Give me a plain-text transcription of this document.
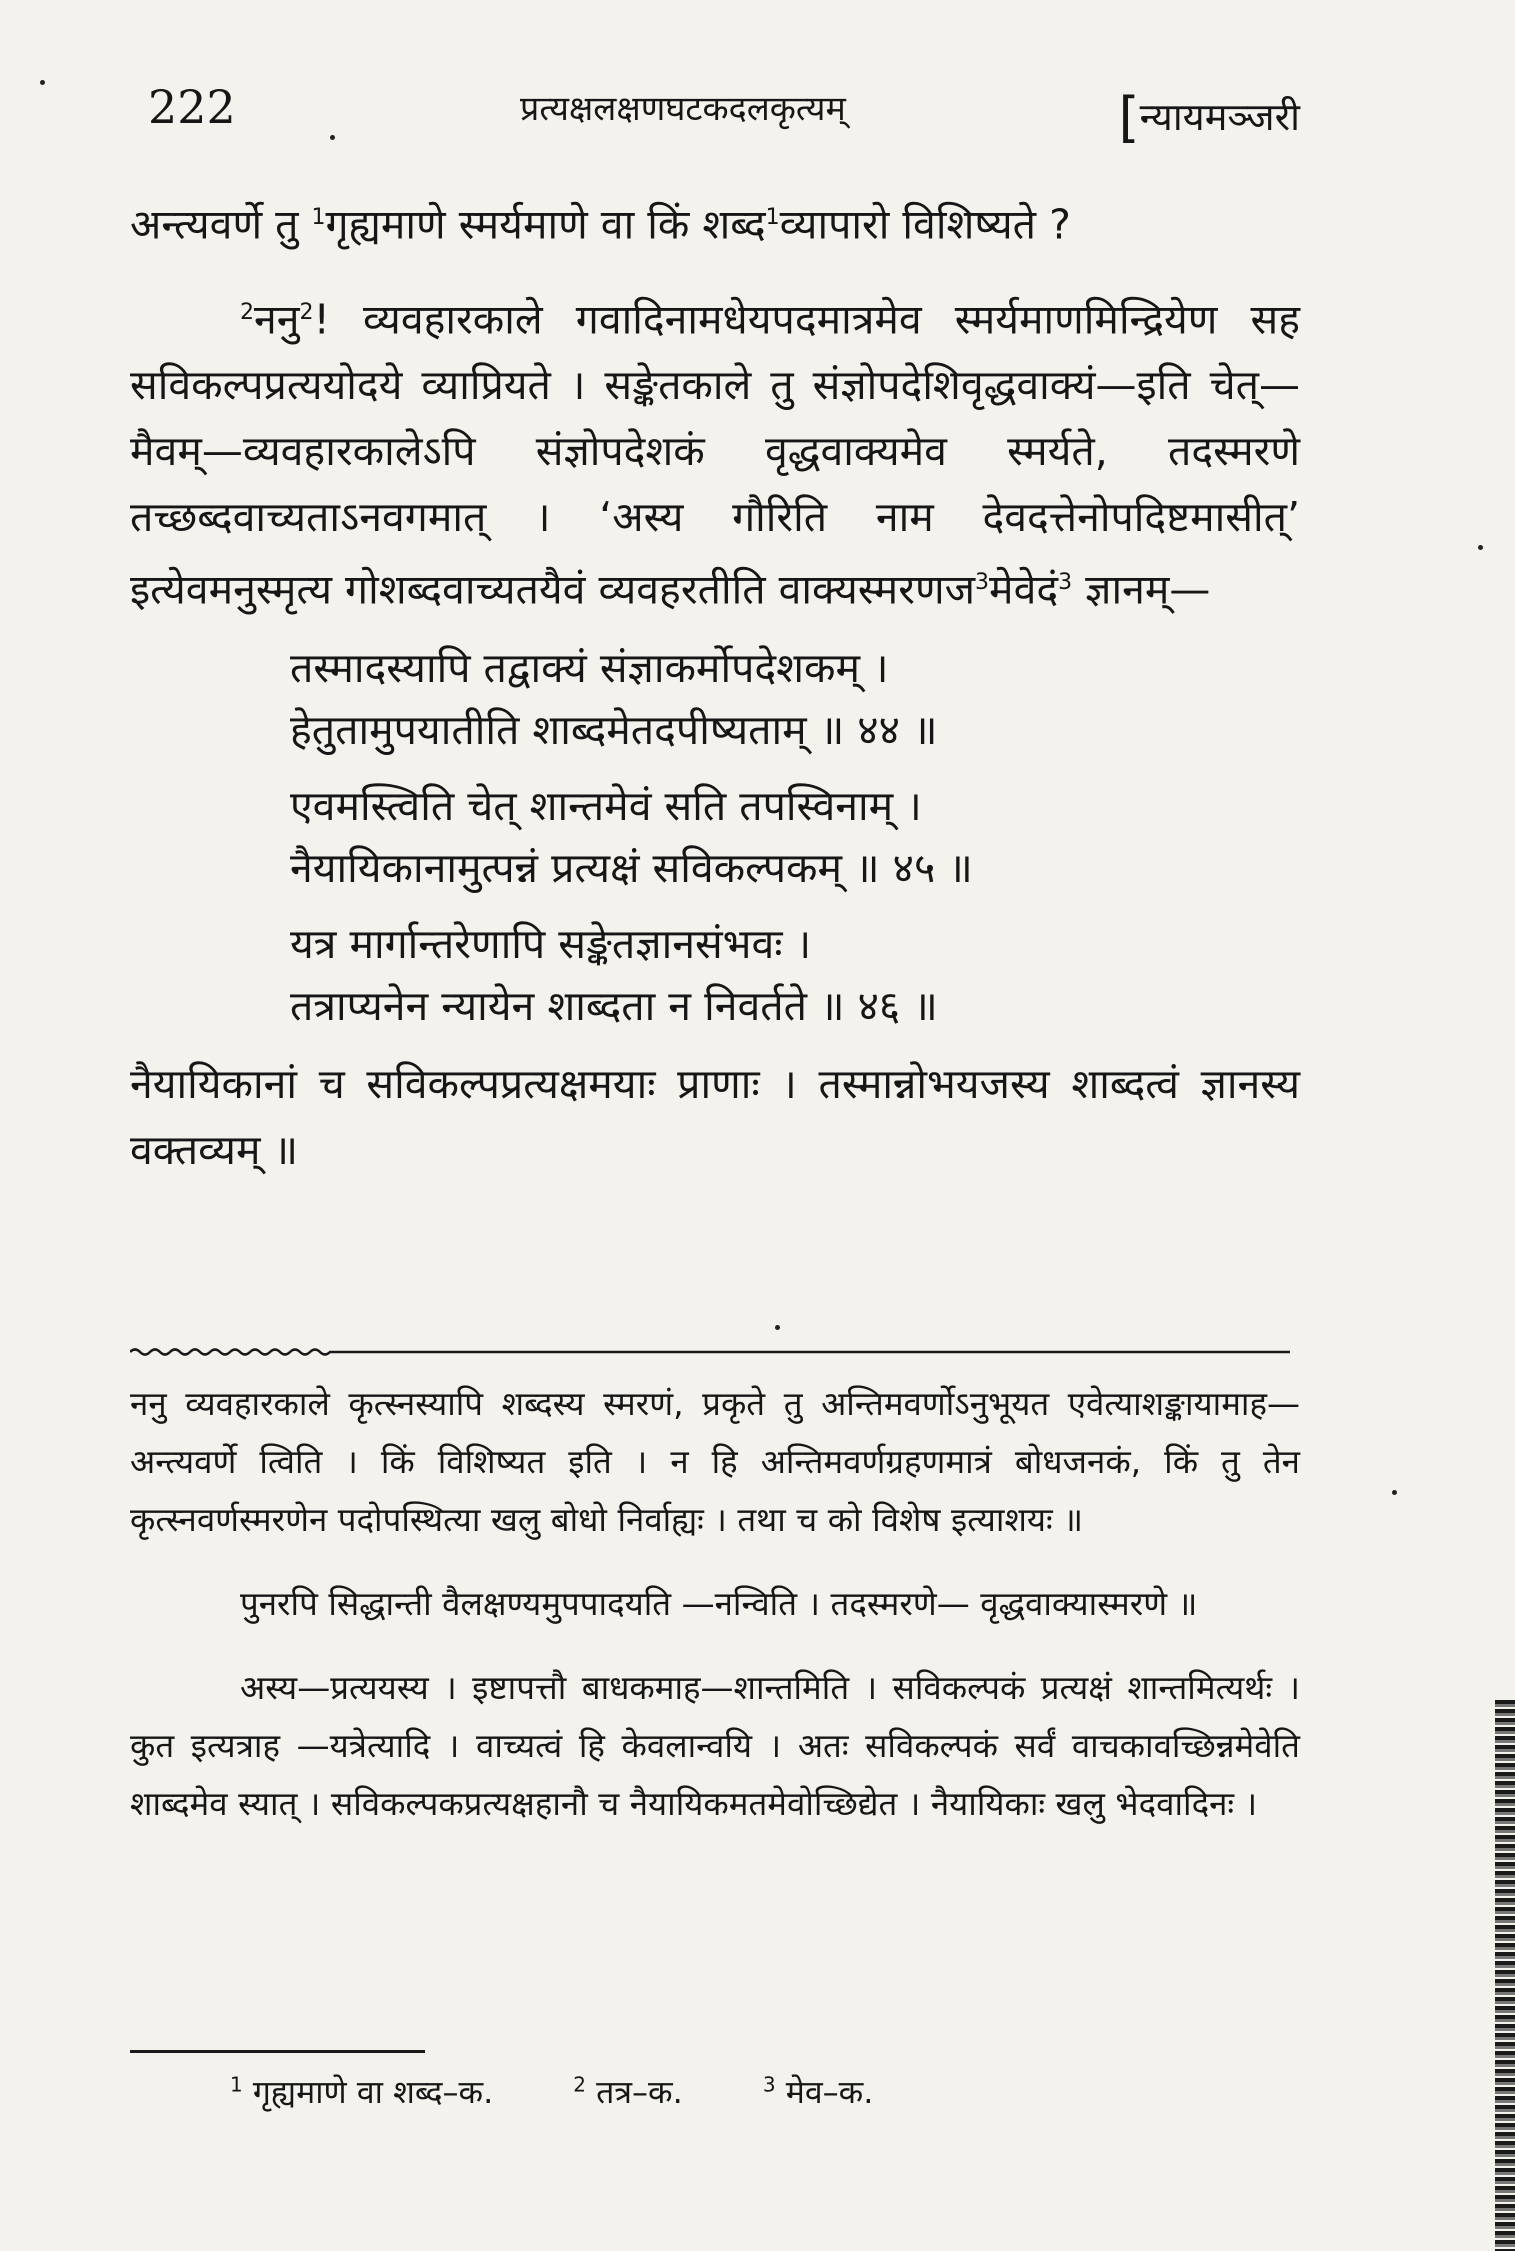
222	प्रत्यक्षलक्षणघटकदलकृत्यम्	[न्यायमञ्जरी

अन्त्यवर्णे तु $^1$गृह्यमाणे स्मर्यमाणे वा किं शब्द$^1$व्यापारो विशिष्यते ?

$^2$ननु$^2$! व्यवहारकाले गवादिनामधेयपदमात्रमेव स्मर्यमाणमिन्द्रियेण सह सविकल्पप्रत्ययोदये व्याप्रियते । सङ्केतकाले तु संज्ञोपदेशिवृद्धवाक्यं—इति चेत्—मैवम्—व्यवहारकालेऽपि संज्ञोपदेशकं वृद्धवाक्यमेव स्मर्यते, तदस्मरणे तच्छब्दवाच्यताऽनवगमात् । ‘अस्य गौरिति नाम देवदत्तेनोपदिष्टमासीत्’ इत्येवमनुस्मृत्य गोशब्दवाच्यतयैवं व्यवहरतीति वाक्यस्मरणज$^3$मेवेदं$^3$ ज्ञानम्—

तस्मादस्यापि तद्वाक्यं संज्ञाकर्मोपदेशकम् ।
हेतुतामुपयातीति शाब्दमेतदपीष्यताम् ॥ ४४ ॥
एवमस्त्विति चेत् शान्तमेवं सति तपस्विनाम् ।
नैयायिकानामुत्पन्नं प्रत्यक्षं सविकल्पकम् ॥ ४५ ॥
यत्र मार्गान्तरेणापि सङ्केतज्ञानसंभवः ।
तत्राप्यनेन न्यायेन शाब्दता न निवर्तते ॥ ४६ ॥

नैयायिकानां च सविकल्पप्रत्यक्षमयाः प्राणाः । तस्मान्नोभयजस्य शाब्दत्वं ज्ञानस्य वक्तव्यम् ॥

ननु व्यवहारकाले कृत्स्नस्यापि शब्दस्य स्मरणं, प्रकृते तु अन्तिमवर्णोऽनुभूयत एवेत्याशङ्कायामाह—अन्त्यवर्णे त्विति । किं विशिष्यत इति । न हि अन्तिमवर्णग्रहणमात्रं बोधजनकं, किं तु तेन कृत्स्नवर्णस्मरणेन पदोपस्थित्या खलु बोधो निर्वाह्यः । तथा च को विशेष इत्याशयः ॥

पुनरपि सिद्धान्ती वैलक्षण्यमुपपादयति —नन्विति । तदस्मरणे— वृद्धवाक्यास्मरणे ॥

अस्य—प्रत्ययस्य । इष्टापत्तौ बाधकमाह—शान्तमिति । सविकल्पकं प्रत्यक्षं शान्तमित्यर्थः । कुत इत्यत्राह —यत्रेत्यादि । वाच्यत्वं हि केवलान्वयि । अतः सविकल्पकं सर्वं वाचकावच्छिन्नमेवेति शाब्दमेव स्यात् । सविकल्पकप्रत्यक्षहानौ च नैयायिकमतमेवोच्छिद्येत । नैयायिकाः खलु भेदवादिनः ।

$^1$ गृह्यमाणे वा शब्द–क.	$^2$ तत्र–क.	$^3$ मेव–क.
